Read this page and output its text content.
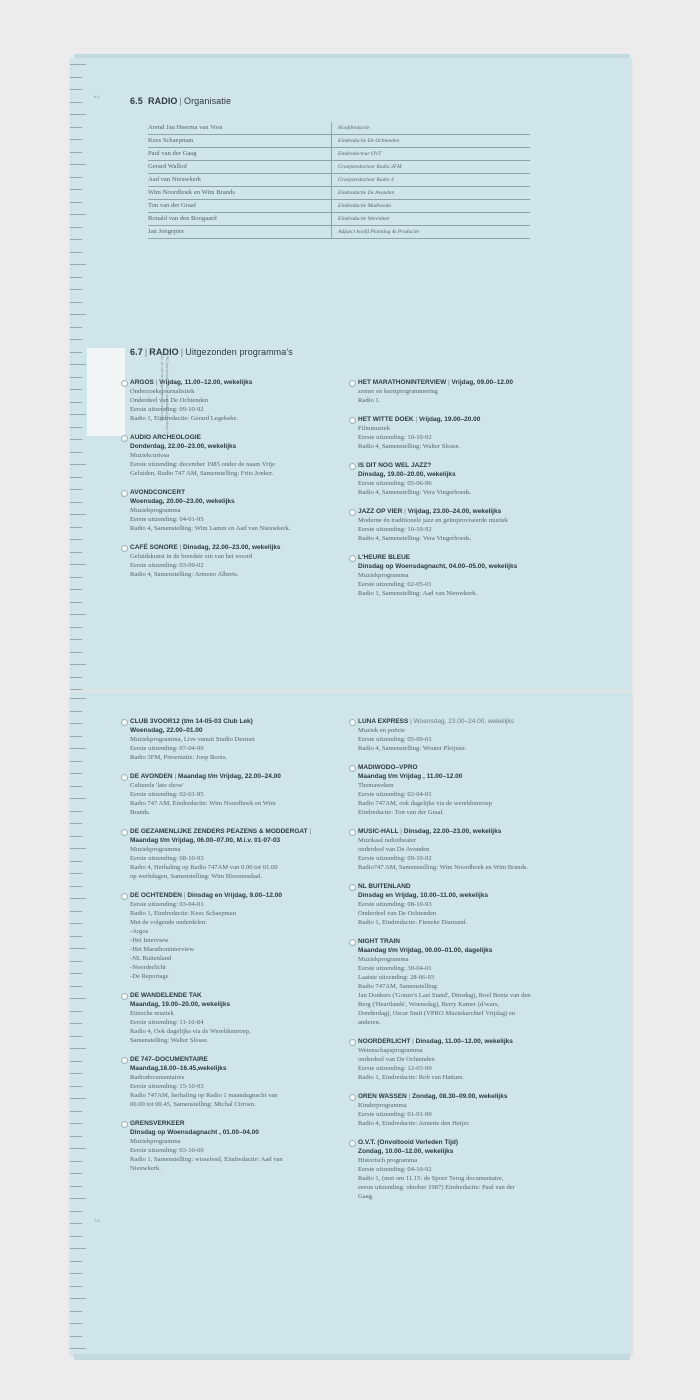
6.5	6.5 RADIO | Organisatie
Arend Jan Heerma van Voss	Hoofdredactie
Kees Schaepman	Eindredactie De Ochtenden
Paul van der Gaag	Eindredacteur OVT
Gerard Walhof	Groepsredacteur Radio 3FM
Aad van Nieuwkerk	Groepsredacteur Radio 4
Wim Noordhoek en Wim Brands	Eindredactie De Avonden
Ton van der Graaf	Eindredactie Madiwodo
Ronald van den Boogaard	Eindredactie Wereldnet
Jan Jongepier	Adjunct hoofd Planning & Productie
6.7 | RADIO | Uitgezonden programma's
VPRO jaarverslag 2003 — aanvulling bij hoofdstuk 6 radio, zie ook de bijlagen achterin dit verslag
ARGOS | Vrijdag, 11.00–12.00, wekelijks
Onderzoeksjournalistiek
Onderdeel van De Ochtenden
Eerste uitzending: 09-10-92
Radio 1, Eindredactie: Gerard Legebeke.
AUDIO ARCHEOLOGIE
Donderdag, 22.00–23.00, wekelijks
Muziekcuriosa
Eerste uitzending: december 1985 onder de naam Vrije
Geluiden, Radio 747 AM, Samenstelling: Frits Jonker.
AVONDCONCERT
Woensdag, 20.00–23.00, wekelijks
Muziekprogramma
Eerste uitzending: 04-01-95
Radio 4, Samenstelling: Wim Lamm en Aad van Nieuwkerk.
CAFÉ SONORE | Dinsdag, 22.00–23.00, wekelijks
Geluidskunst in de breedste zin van het woord
Eerste uitzending: 03-09-02
Radio 4, Samenstelling: Armeno Alberts.
HET MARATHONINTERVIEW | Vrijdag, 09.00–12.00
zomer en kerstprogrammering
Radio 1.
HET WITTE DOEK | Vrijdag, 19.00–20.00
Filmmuziek
Eerste uitzending: 10-10-92
Radio 4, Samenstelling: Walter Slosse.
IS DIT NOG WEL JAZZ?
Dinsdag, 19.00–20.00, wekelijks
Eerste uitzending: 05-06-96
Radio 4, Samenstelling: Vera Vingerhoeds.
JAZZ OP VIER | Vrijdag, 23.00–24.00, wekelijks
Moderne én traditionele jazz en geïmproviseerde muziek
Eerste uitzending: 10-10-92
Radio 4, Samenstelling: Vera Vingerhoeds.
L'HEURE BLEUE
Dinsdag op Woensdagnacht, 04.00–05.00, wekelijks
Muziekprogramma
Eerste uitzending: 02-05-01
Radio 1, Samenstelling: Aad van Nieuwkerk.
7.6
CLUB 3VOOR12 (t/m 14-05-03 Club Lek)
Woensdag, 22.00–01.00
Muziekprogramma, Live vanuit Studio Desmet
Eerste uitzending: 07-04-99
Radio 3FM, Presentatie: Joop Boots.
DE AVONDEN | Maandag t/m Vrijdag, 22.00–24.00
Culturele 'late show'
Eerste uitzending: 02-01-95
Radio 747 AM, Eindredactie: Wim Noordhoek en Wim
Brands.
DE GEZAMENLIJKE ZENDERS PEAZENS & MODDERGAT | Maandag t/m Vrijdag, 06.00–07.00, M.i.v. 01-07-03
Muziekprogramma
Eerste uitzending: 08-10-93
Radio 4, Herhaling op Radio 747AM van 0.00 tot 01.00
op werkdagen, Samenstelling: Wim Bloemendaal.
DE OCHTENDEN | Dinsdag en Vrijdag, 9.00–12.00
Eerste uitzending: 03-04-01
Radio 1, Eindredactie: Kees Schaepman
Met de volgende onderdelen:
-Argos
-Het Interview
-Het Marathoninterview
-NL Buitenland
-Noorderlicht
-De Reportage
DE WANDELENDE TAK
Maandag, 19.00–20.00, wekelijks
Etnische muziek
Eerste uitzending: 11-10-84
Radio 4, Ook dagelijks via de Wereldomroep,
Samenstelling: Walter Slosse.
DE 747–DOCUMENTAIRE
Maandag,16.00–16.45,wekelijks
Radiodocumentaires
Eerste uitzending: 15-10-93
Radio 747AM, herhaling op Radio 1 maandagnacht van
00.00 tot 00.45, Samenstelling: Michal Citroen.
GRENSVERKEER
Dinsdag op Woensdagnacht , 01.00–04.00
Muziekprogramma
Eerste uitzending: 03-10-00
Radio 1, Samenstelling: wisselend, Eindredactie: Aad van
Nieuwkerk.
LUNA EXPRESS | Woensdag, 23.00–24.00, wekelijks
Muziek en poëzie
Eerste uitzending: 05-09-01
Radio 4, Samenstelling: Wouter Pleijsier.
MADIWODO–VPRO
Maandag t/m Vrijdag , 11.00–12.00
Themaweken
Eerste uitzending: 02-04-01
Radio 747AM, ook dagelijks via de wereldomroep
Eindredactie: Ton van der Graaf.
MUSIC-HALL | Dinsdag, 22.00–23.00, wekelijks
Muzikaal radiotheater
onderdeel van De Avonden
Eerste uitzending: 09-10-92
Radio747 AM, Samenstelling: Wim Noordhoek en Wim Brands.
NL BUITENLAND
Dinsdag en Vrijdag, 10.00–11.00, wekelijks
Eerste uitzending: 08-10-93
Onderdeel van De Ochtenden
Radio 1, Eindredactie: Fieneke Diamand.
NIGHT TRAIN
Maandag t/m Vrijdag, 00.00–01.00, dagelijks
Muziekprogramma
Eerste uitzending: 30-04-01
Laatste uitzending: 28-06-03
Radio 747AM, Samenstelling:
Jan Donkers ('Gonzo's Last Stand', Dinsdag), Roel Bentz van den
Berg ('Heartlands', Woensdag), Berry Kamer (d/wars,
Donderdag), Oscar Smit (VPRO Muziekarchief Vrijdag) en
anderen.
NOORDERLICHT | Dinsdag, 11.00–12.00, wekelijks
Wetenschapsprogramma
onderdeel van De Ochtenden
Eerste uitzending: 12-03-99
Radio 1, Eindredactie: Rob van Hattum.
OREN WASSEN | Zondag, 08.30–09.00, wekelijks
Kinderprogramma
Eerste uitzending: 01-01-99
Radio 4, Eindredactie: Annette den Heijer.
O.V.T. (Onvoltooid Verleden Tijd)
Zondag, 10.00–12.00, wekelijks
Historisch programma
Eerste uitzending: 04-10-92
Radio 1, (met om 11.15: de Spoor Terug documentaire,
eerste uitzending: oktober 1987) Eindredactie: Paul van der
Gaag.
